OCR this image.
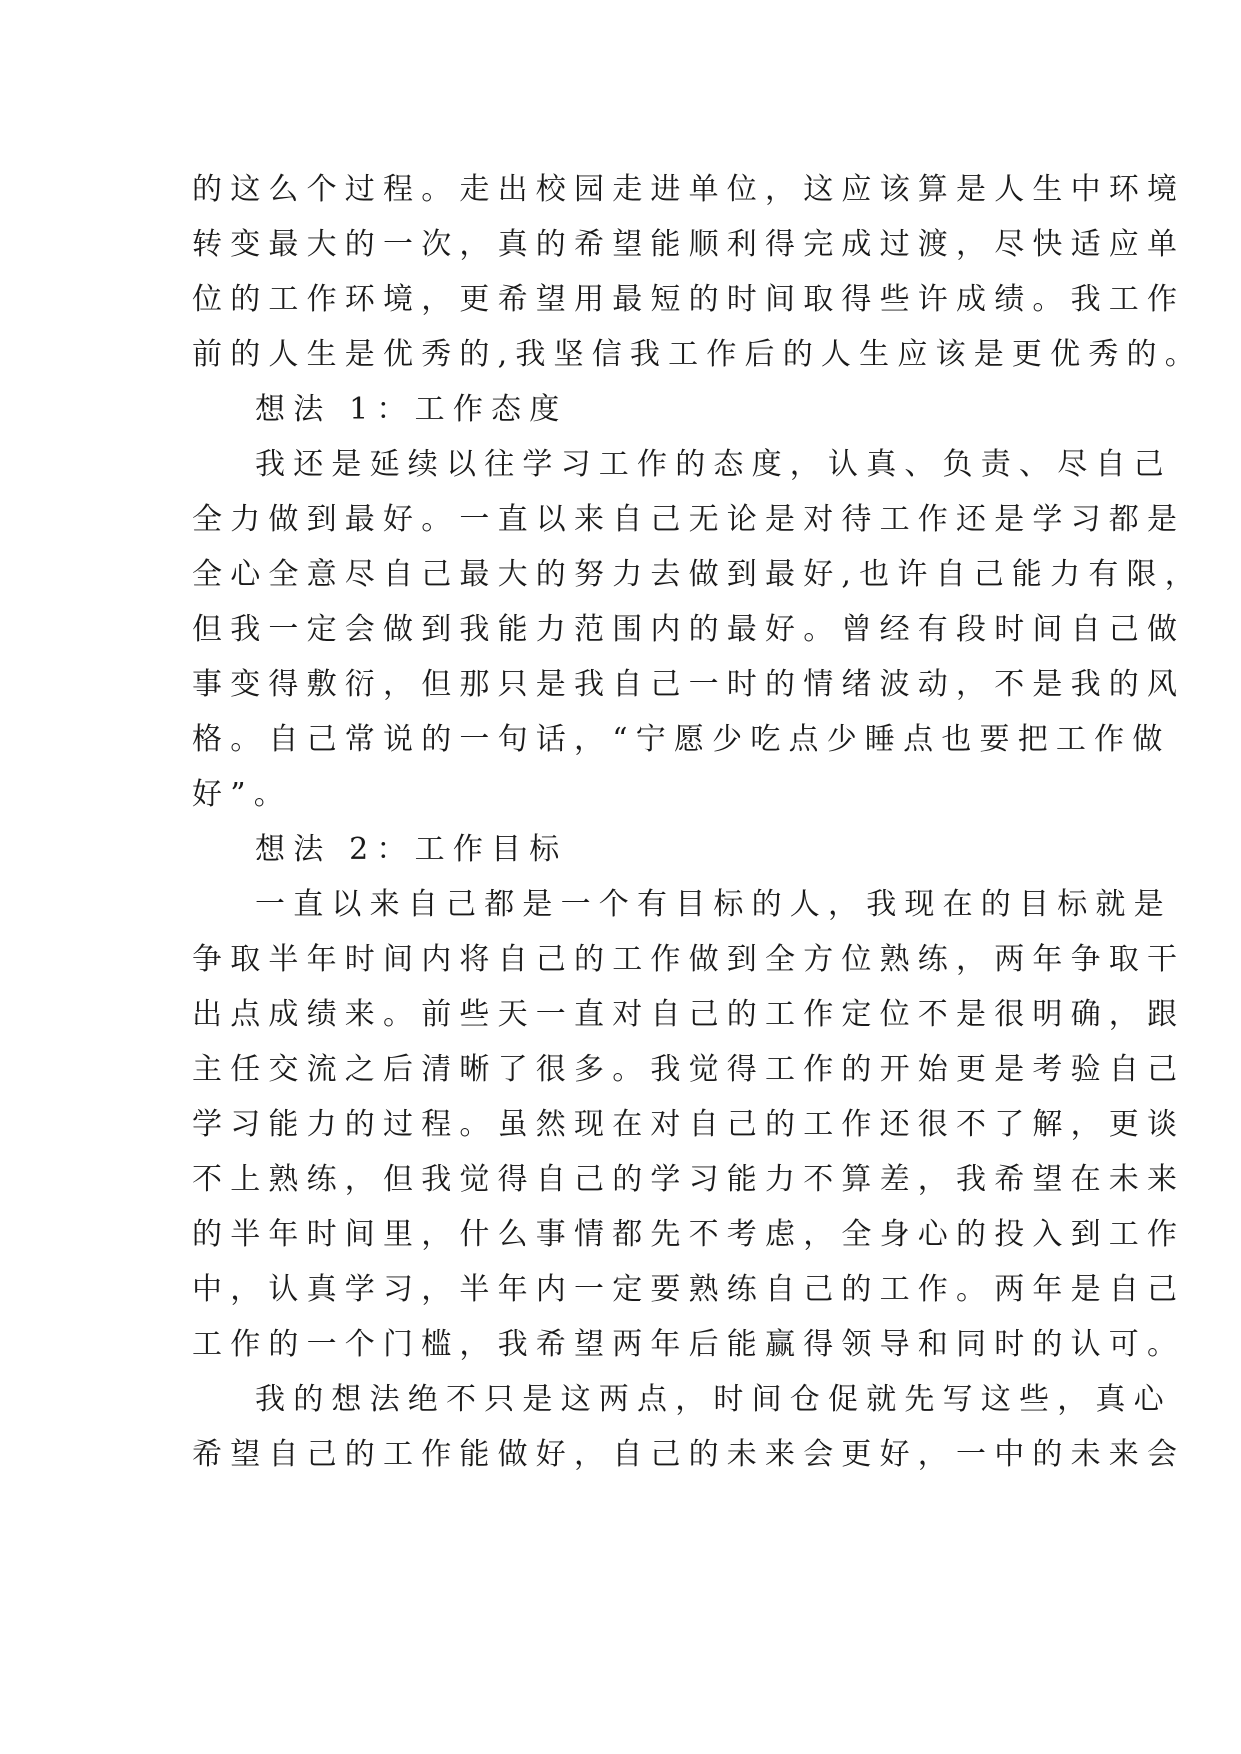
的这么个过程。走出校园走进单位，这应该算是人生中环境
转变最大的一次，真的希望能顺利得完成过渡，尽快适应单
位的工作环境，更希望用最短的时间取得些许成绩。我工作
前的人生是优秀的,我坚信我工作后的人生应该是更优秀的。
想法 1：工作态度
我还是延续以往学习工作的态度，认真、负责、尽自己
全力做到最好。一直以来自己无论是对待工作还是学习都是
全心全意尽自己最大的努力去做到最好,也许自己能力有限，
但我一定会做到我能力范围内的最好。曾经有段时间自己做
事变得敷衍，但那只是我自己一时的情绪波动，不是我的风
格。自己常说的一句话，“宁愿少吃点少睡点也要把工作做
好”。
想法 2：工作目标
一直以来自己都是一个有目标的人，我现在的目标就是
争取半年时间内将自己的工作做到全方位熟练，两年争取干
出点成绩来。前些天一直对自己的工作定位不是很明确，跟
主任交流之后清晰了很多。我觉得工作的开始更是考验自己
学习能力的过程。虽然现在对自己的工作还很不了解，更谈
不上熟练，但我觉得自己的学习能力不算差，我希望在未来
的半年时间里，什么事情都先不考虑，全身心的投入到工作
中，认真学习，半年内一定要熟练自己的工作。两年是自己
工作的一个门槛，我希望两年后能赢得领导和同时的认可。
我的想法绝不只是这两点，时间仓促就先写这些，真心
希望自己的工作能做好，自己的未来会更好，一中的未来会
